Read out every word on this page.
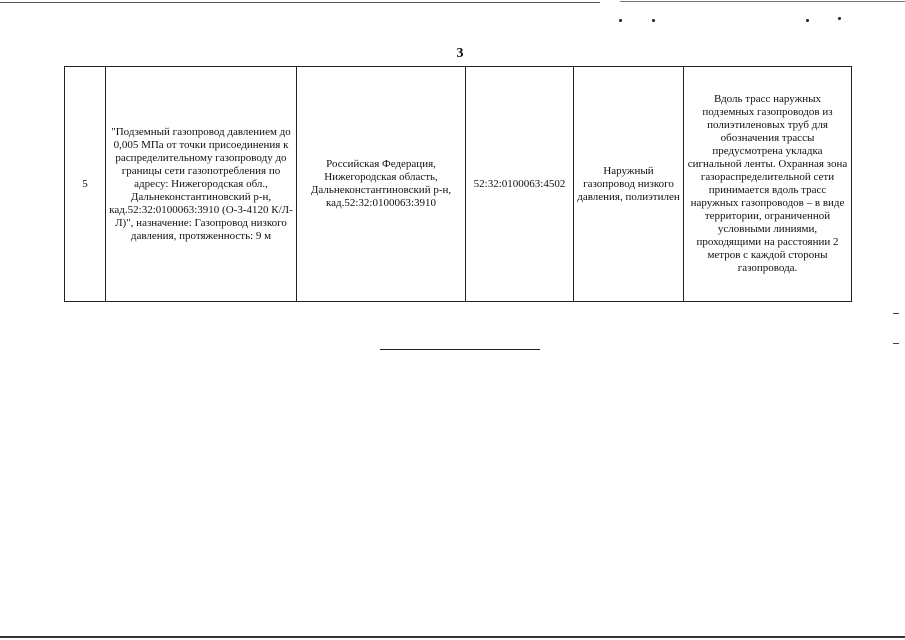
3
5	"Подземный газопровод давлением до 0,005 МПа от точки присоединения к распределительному газопроводу до границы сети газопотребления по адресу: Нижегородская обл., Дальнеконстантиновский р-н, кад.52:32:0100063:3910 (О-3-4120 К/Л-Л)", назначение: Газопровод низкого давления, протяженность: 9 м	Российская Федерация, Нижегородская область, Дальнеконстантиновский р-н, кад.52:32:0100063:3910	52:32:0100063:4502	Наружный газопровод низкого давления, полиэтилен	Вдоль трасс наружных подземных газопроводов из полиэтиленовых труб для обозначения трассы предусмотрена укладка сигнальной ленты. Охранная зона газораспределительной сети принимается вдоль трасс наружных газопроводов – в виде территории, ограниченной условными линиями, проходящими на расстоянии 2 метров с каждой стороны газопровода.
